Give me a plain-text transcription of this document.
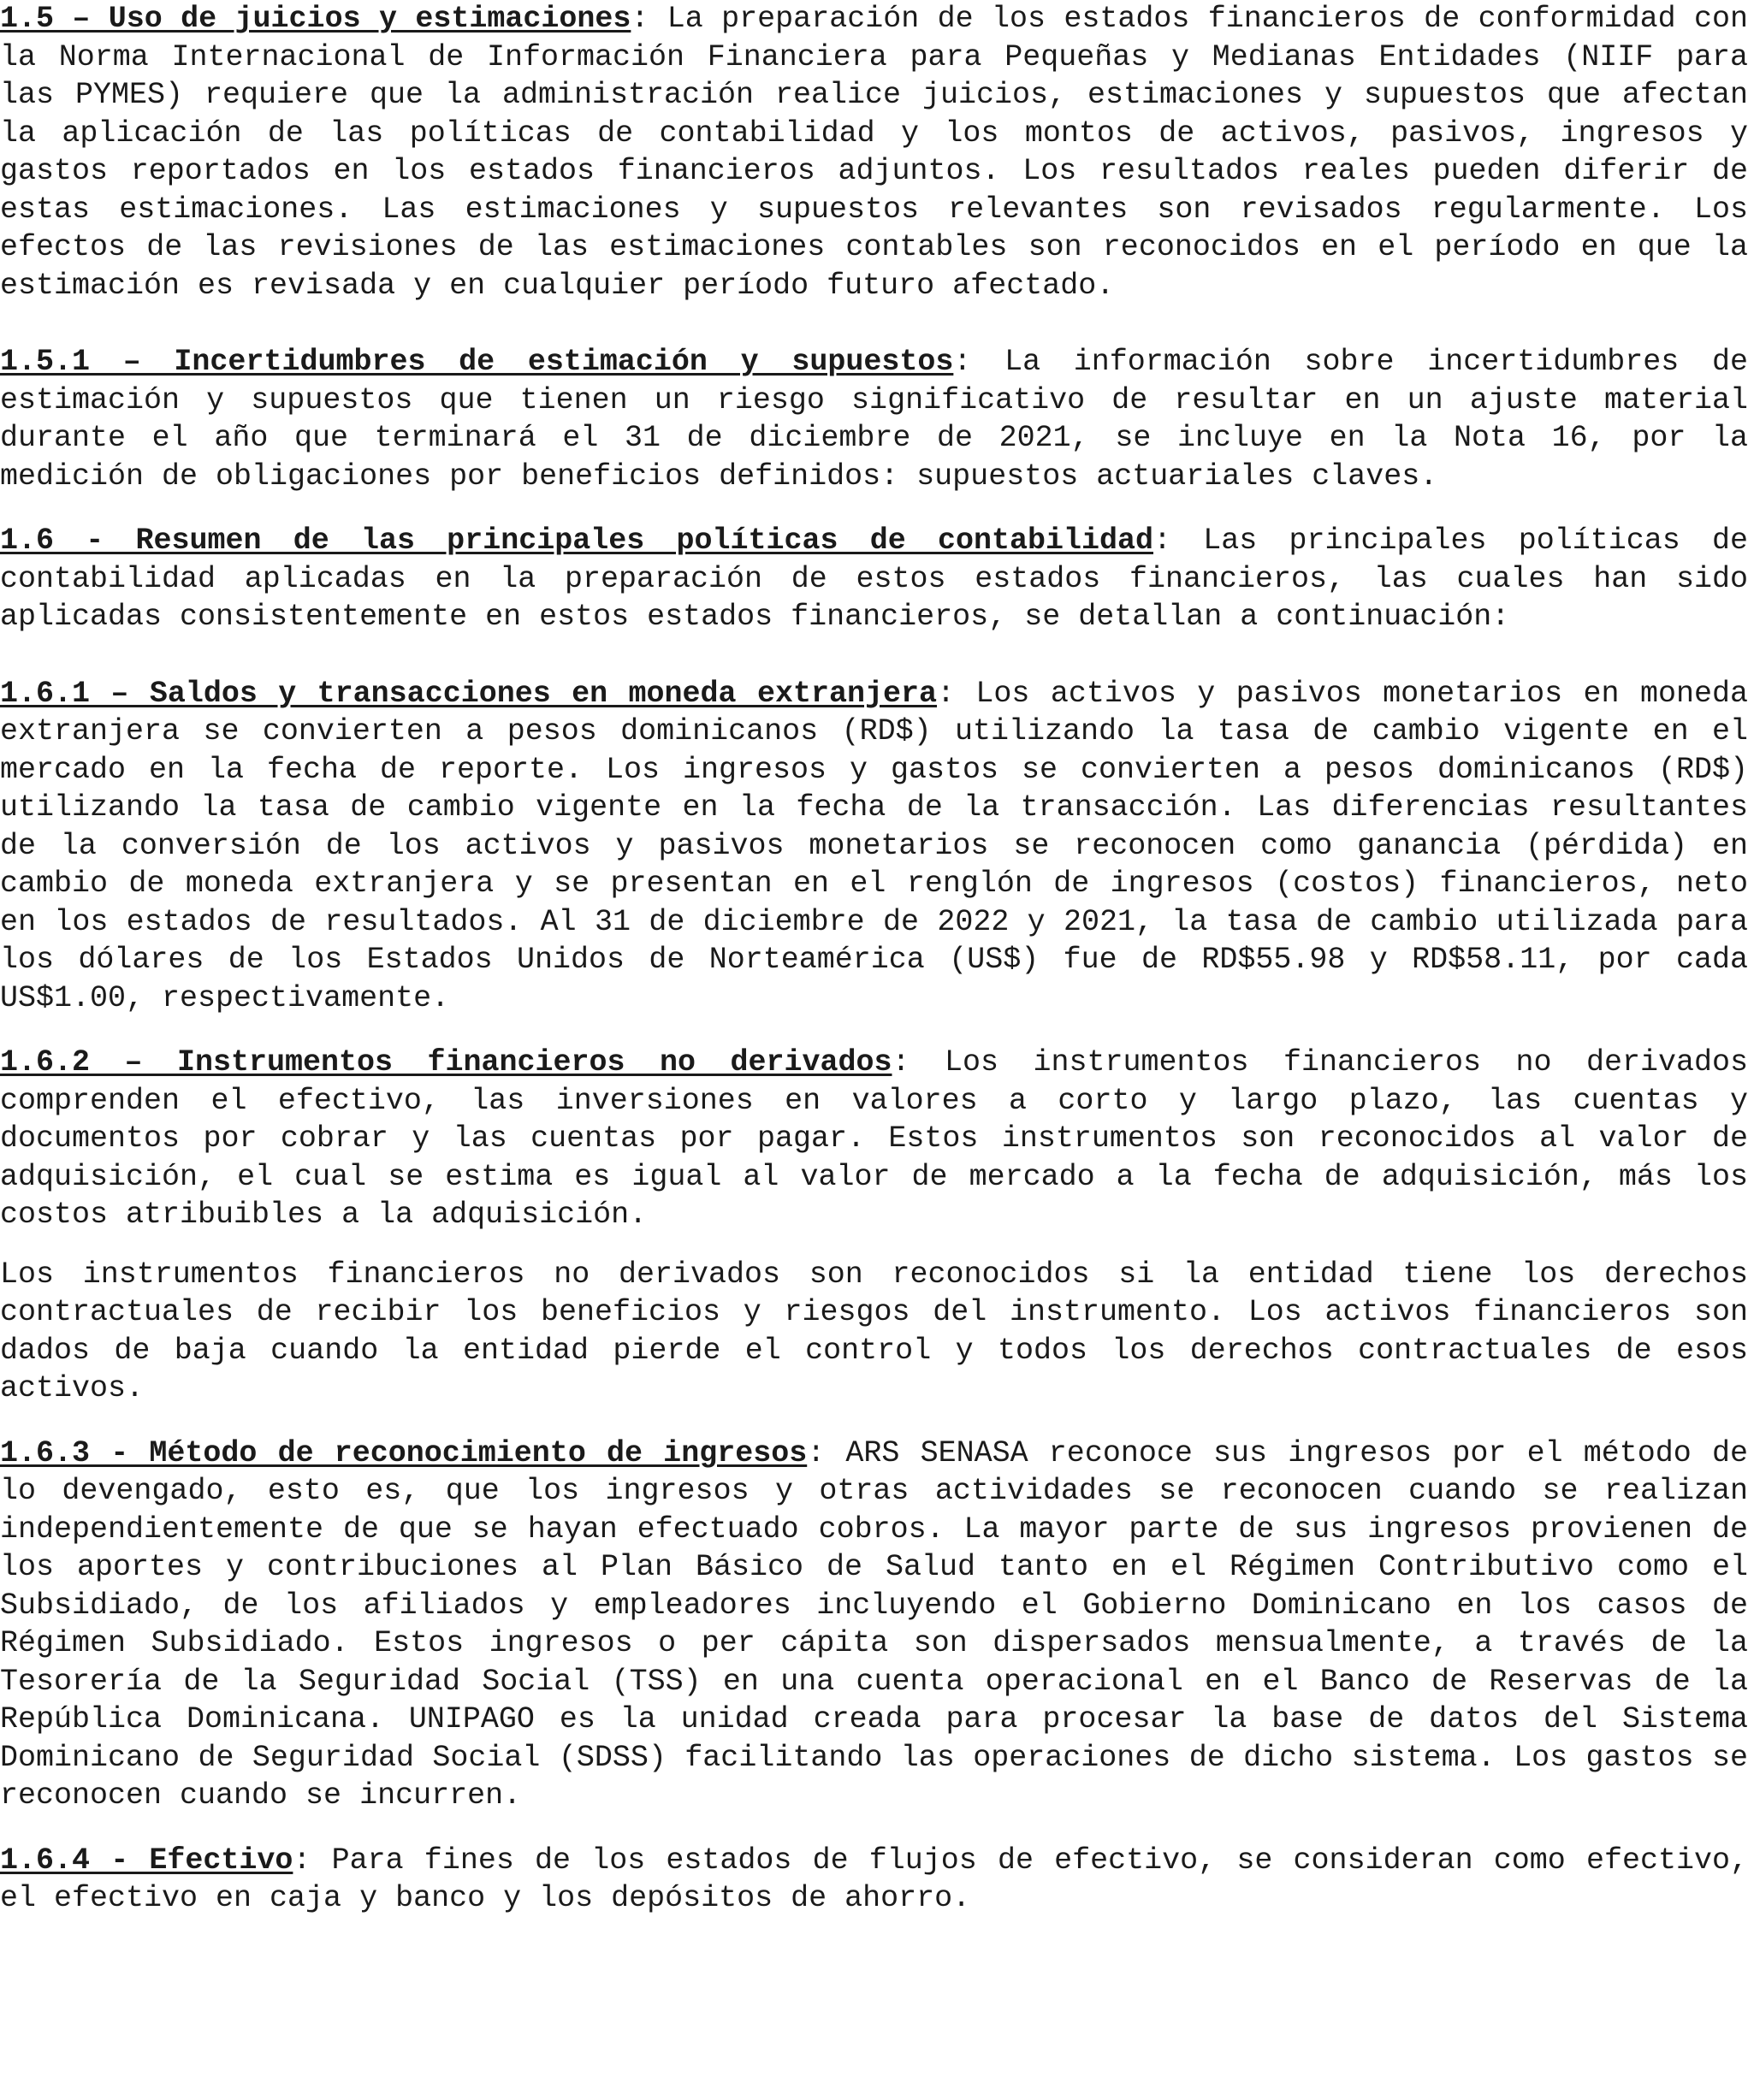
1.5 – Uso de juicios y estimaciones: La preparación de los estados financieros de conformidad con la Norma Internacional de Información Financiera para Pequeñas y Medianas Entidades (NIIF para las PYMES) requiere que la administración realice juicios, estimaciones y supuestos que afectan la aplicación de las políticas de contabilidad y los montos de activos, pasivos, ingresos y gastos reportados en los estados financieros adjuntos. Los resultados reales pueden diferir de estas estimaciones. Las estimaciones y supuestos relevantes son revisados regularmente. Los efectos de las revisiones de las estimaciones contables son reconocidos en el período en que la estimación es revisada y en cualquier período futuro afectado.

1.5.1 – Incertidumbres de estimación y supuestos: La información sobre incertidumbres de estimación y supuestos que tienen un riesgo significativo de resultar en un ajuste material durante el año que terminará el 31 de diciembre de 2021, se incluye en la Nota 16, por la medición de obligaciones por beneficios definidos: supuestos actuariales claves.

1.6 - Resumen de las principales políticas de contabilidad: Las principales políticas de contabilidad aplicadas en la preparación de estos estados financieros, las cuales han sido aplicadas consistentemente en estos estados financieros, se detallan a continuación:

1.6.1 – Saldos y transacciones en moneda extranjera: Los activos y pasivos monetarios en moneda extranjera se convierten a pesos dominicanos (RD$) utilizando la tasa de cambio vigente en el mercado en la fecha de reporte. Los ingresos y gastos se convierten a pesos dominicanos (RD$) utilizando la tasa de cambio vigente en la fecha de la transacción. Las diferencias resultantes de la conversión de los activos y pasivos monetarios se reconocen como ganancia (pérdida) en cambio de moneda extranjera y se presentan en el renglón de ingresos (costos) financieros, neto en los estados de resultados. Al 31 de diciembre de 2022 y 2021, la tasa de cambio utilizada para los dólares de los Estados Unidos de Norteamérica (US$) fue de RD$55.98 y RD$58.11, por cada US$1.00, respectivamente.

1.6.2 – Instrumentos financieros no derivados: Los instrumentos financieros no derivados comprenden el efectivo, las inversiones en valores a corto y largo plazo, las cuentas y documentos por cobrar y las cuentas por pagar. Estos instrumentos son reconocidos al valor de adquisición, el cual se estima es igual al valor de mercado a la fecha de adquisición, más los costos atribuibles a la adquisición.

Los instrumentos financieros no derivados son reconocidos si la entidad tiene los derechos contractuales de recibir los beneficios y riesgos del instrumento. Los activos financieros son dados de baja cuando la entidad pierde el control y todos los derechos contractuales de esos activos.

1.6.3 - Método de reconocimiento de ingresos: ARS SENASA reconoce sus ingresos por el método de lo devengado, esto es, que los ingresos y otras actividades se reconocen cuando se realizan independientemente de que se hayan efectuado cobros. La mayor parte de sus ingresos provienen de los aportes y contribuciones al Plan Básico de Salud tanto en el Régimen Contributivo como el Subsidiado, de los afiliados y empleadores incluyendo el Gobierno Dominicano en los casos de Régimen Subsidiado. Estos ingresos o per cápita son dispersados mensualmente, a través de la Tesorería de la Seguridad Social (TSS) en una cuenta operacional en el Banco de Reservas de la República Dominicana. UNIPAGO es la unidad creada para procesar la base de datos del Sistema Dominicano de Seguridad Social (SDSS) facilitando las operaciones de dicho sistema. Los gastos se reconocen cuando se incurren.

1.6.4 - Efectivo: Para fines de los estados de flujos de efectivo, se consideran como efectivo, el efectivo en caja y banco y los depósitos de ahorro.
